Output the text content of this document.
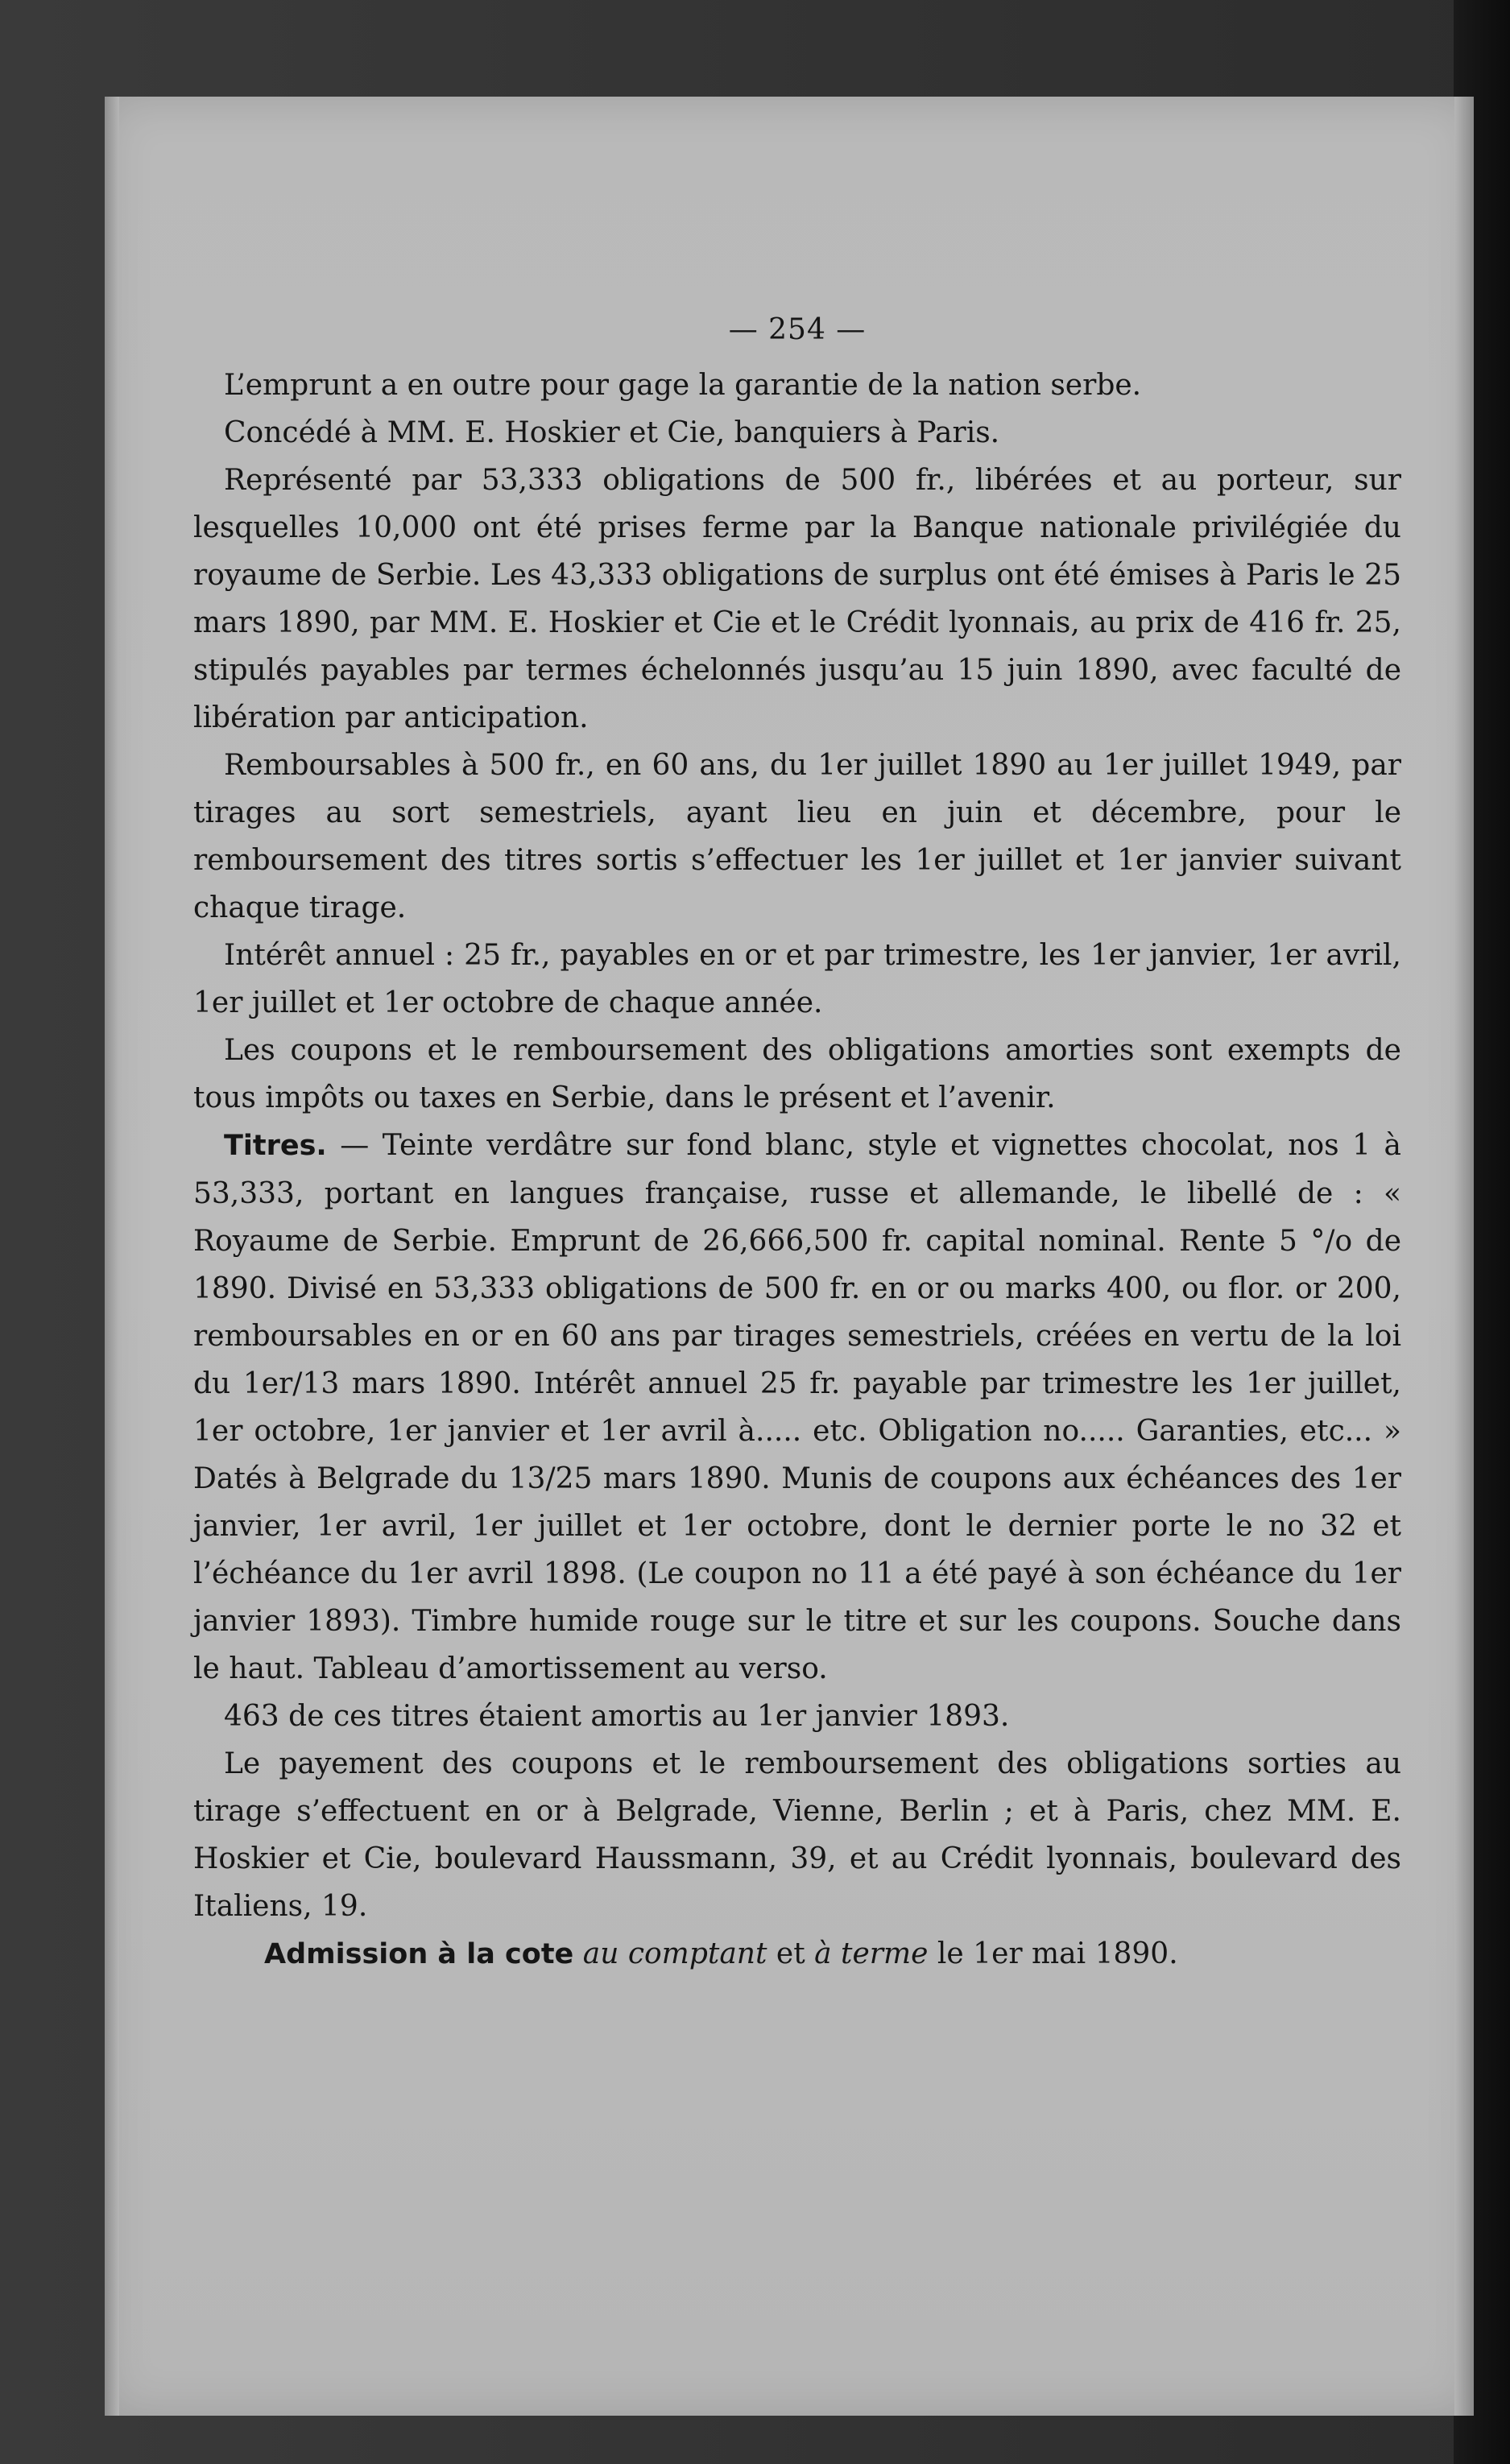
— 254 —

L’emprunt a en outre pour gage la garantie de la nation serbe.

Concédé à MM. E. Hoskier et Cie, banquiers à Paris.

Représenté par 53,333 obligations de 500 fr., libérées et au porteur, sur lesquelles 10,000 ont été prises ferme par la Banque nationale privilégiée du royaume de Serbie. Les 43,333 obligations de surplus ont été émises à Paris le 25 mars 1890, par MM. E. Hoskier et Cie et le Crédit lyonnais, au prix de 416 fr. 25, stipulés payables par termes échelonnés jusqu’au 15 juin 1890, avec faculté de libération par anticipation.

Remboursables à 500 fr., en 60 ans, du 1er juillet 1890 au 1er juillet 1949, par tirages au sort semestriels, ayant lieu en juin et décembre, pour le remboursement des titres sortis s’effectuer les 1er juillet et 1er janvier suivant chaque tirage.

Intérêt annuel : 25 fr., payables en or et par trimestre, les 1er janvier, 1er avril, 1er juillet et 1er octobre de chaque année.

Les coupons et le remboursement des obligations amorties sont exempts de tous impôts ou taxes en Serbie, dans le présent et l’avenir.

Titres. — Teinte verdâtre sur fond blanc, style et vignettes chocolat, nos 1 à 53,333, portant en langues française, russe et allemande, le libellé de : « Royaume de Serbie. Emprunt de 26,666,500 fr. capital nominal. Rente 5 °/o de 1890. Divisé en 53,333 obligations de 500 fr. en or ou marks 400, ou flor. or 200, remboursables en or en 60 ans par tirages semestriels, créées en vertu de la loi du 1er/13 mars 1890. Intérêt annuel 25 fr. payable par trimestre les 1er juillet, 1er octobre, 1er janvier et 1er avril à..... etc. Obligation no..... Garanties, etc... » Datés à Belgrade du 13/25 mars 1890. Munis de coupons aux échéances des 1er janvier, 1er avril, 1er juillet et 1er octobre, dont le dernier porte le no 32 et l’échéance du 1er avril 1898. (Le coupon no 11 a été payé à son échéance du 1er janvier 1893). Timbre humide rouge sur le titre et sur les coupons. Souche dans le haut. Tableau d’amortissement au verso.

463 de ces titres étaient amortis au 1er janvier 1893.

Le payement des coupons et le remboursement des obligations sorties au tirage s’effectuent en or à Belgrade, Vienne, Berlin ; et à Paris, chez MM. E. Hoskier et Cie, boulevard Haussmann, 39, et au Crédit lyonnais, boulevard des Italiens, 19.

Admission à la cote au comptant et à terme le 1er mai 1890.
